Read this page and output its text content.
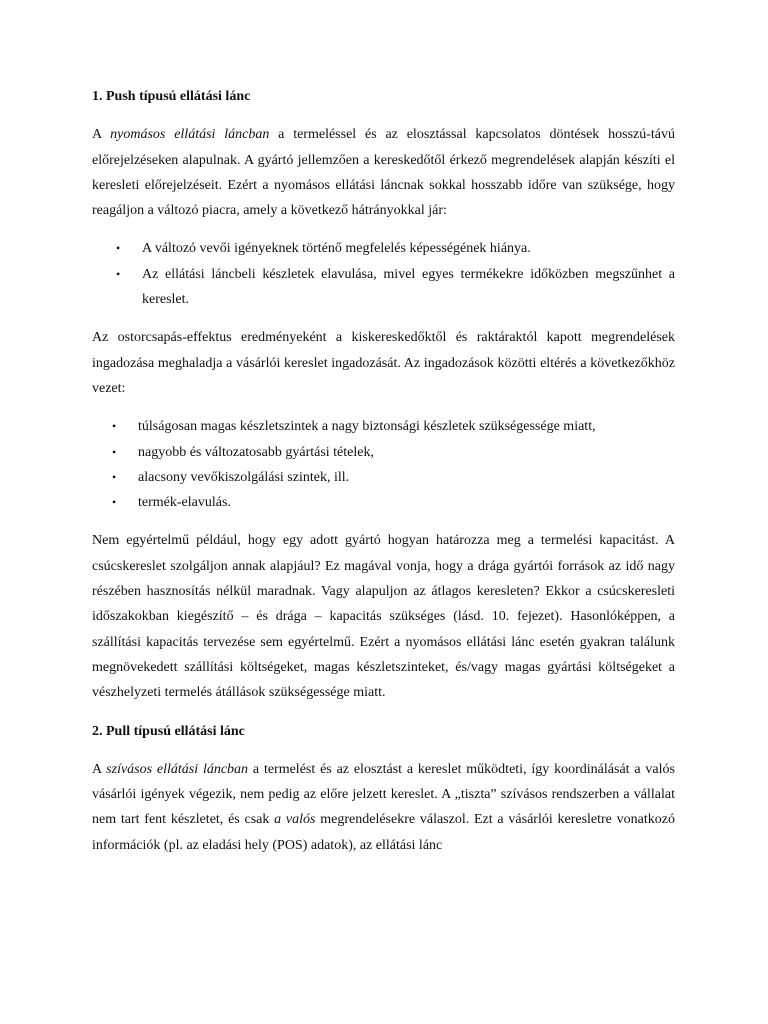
1. Push típusú ellátási lánc

A nyomásos ellátási láncban a termeléssel és az elosztással kapcsolatos döntések hosszú-távú előrejelzéseken alapulnak. A gyártó jellemzően a kereskedőtől érkező megrendelések alapján készíti el keresleti előrejelzéseit. Ezért a nyomásos ellátási láncnak sokkal hosszabb időre van szüksége, hogy reagáljon a változó piacra, amely a következő hátrányokkal jár:

• A változó vevői igényeknek történő megfelelés képességének hiánya.
• Az ellátási láncbeli készletek elavulása, mivel egyes termékekre időközben megszűnhet a kereslet.

Az ostorcsapás-effektus eredményeként a kiskereskedőktől és raktáraktól kapott megrendelések ingadozása meghaladja a vásárlói kereslet ingadozását. Az ingadozások közötti eltérés a következőkhöz vezet:

• túlságosan magas készletszintek a nagy biztonsági készletek szükségessége miatt,
• nagyobb és változatosabb gyártási tételek,
• alacsony vevőkiszolgálási szintek, ill.
• termék-elavulás.

Nem egyértelmű például, hogy egy adott gyártó hogyan határozza meg a termelési kapacitást. A csúcskereslet szolgáljon annak alapjául? Ez magával vonja, hogy a drága gyártói források az idő nagy részében hasznosítás nélkül maradnak. Vagy alapuljon az átlagos keresleten? Ekkor a csúcskeresleti időszakokban kiegészítő – és drága – kapacitás szükséges (lásd. 10. fejezet). Hasonlóképpen, a szállítási kapacitás tervezése sem egyértelmű. Ezért a nyomásos ellátási lánc esetén gyakran találunk megnövekedett szállítási költségeket, magas készletszinteket, és/vagy magas gyártási költségeket a vészhelyzeti termelés átállások szükségessége miatt.

2. Pull típusú ellátási lánc

A szívásos ellátási láncban a termelést és az elosztást a kereslet működteti, így koordinálását a valós vásárlói igények végezik, nem pedig az előre jelzett kereslet. A „tiszta” szívásos rendszerben a vállalat nem tart fent készletet, és csak a valós megrendelésekre válaszol. Ezt a vásárlói keresletre vonatkozó információk (pl. az eladási hely (POS) adatok), az ellátási lánc
